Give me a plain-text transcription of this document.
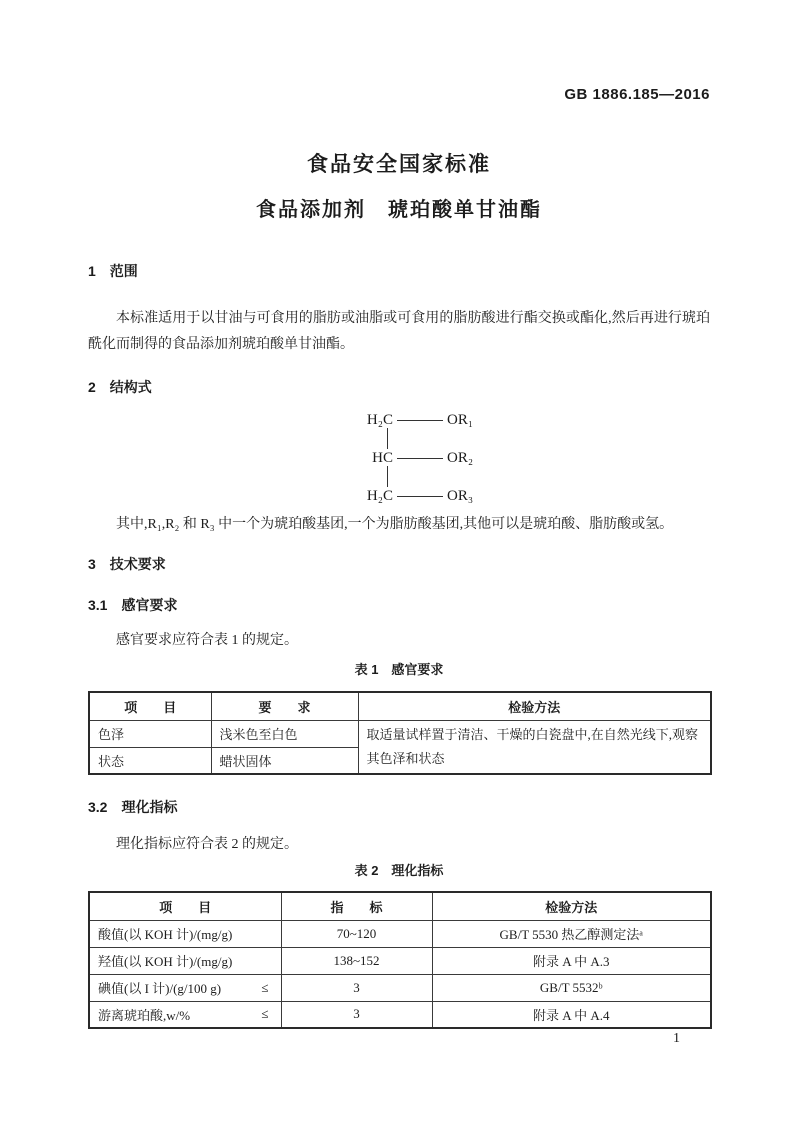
GB 1886.185—2016
食品安全国家标准
食品添加剂　琥珀酸单甘油酯
1 范围

本标准适用于以甘油与可食用的脂肪或油脂或可食用的脂肪酸进行酯交换或酯化,然后再进行琥珀酰化而制得的食品添加剂琥珀酸单甘油酯。

2 结构式
H₂C	OR₁
HC	OR₂
H₂C	OR₃

其中,R₁,R₂ 和 R₃ 中一个为琥珀酸基团,一个为脂肪酸基团,其他可以是琥珀酸、脂肪酸或氢。

3 技术要求
3.1 感官要求

感官要求应符合表 1 的规定。

表 1　感官要求
项　　目	要　　求	检验方法
色泽	浅米色至白色	取适量试样置于清洁、干燥的白瓷盘中,在自然光线下,观察其色泽和状态
状态	蜡状固体	
3.2 理化指标

理化指标应符合表 2 的规定。

表 2　理化指标
项　　目	指　　标	检验方法

酸值(以 KOH 计)/(mg/g)	70~120	GB/T 5530 热乙醇测定法ᵃ

羟值(以 KOH 计)/(mg/g)	138~152	附录 A 中 A.3

碘值(以 I 计)/(g/100 g) ≤	3	GB/T 5532ᵇ

游离琥珀酸,w/% ≤	3	附录 A 中 A.4
1
